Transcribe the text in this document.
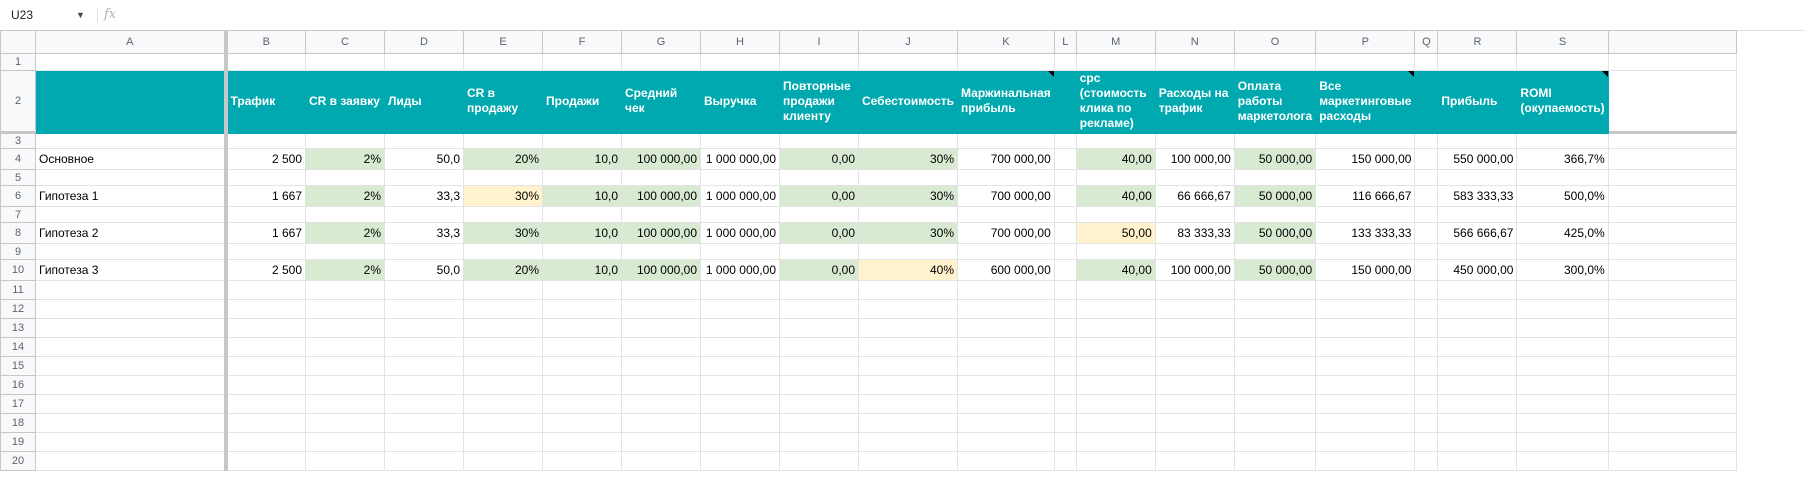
U23	▼ fx
	A	B	C	D	E	F	G	H	I	J	K	L	M	N	O	P	Q	R	S	
1																				
2		Трафик	CR в заявку	Лиды	CR в продажу	Продажи	Средний чек	Выручка	Повторные продажи клиенту	Себестоимость	Маржинальная прибыль		cpc (стоимость клика по рекламе)	Расходы на трафик	Оплата работы маркетолога	Все маркетинговые расходы		Прибыль	ROMI (окупаемость)

3																				
4	Основное	2 500	2%	50,0	20%	10,0	100 000,00	1 000 000,00	0,00	30%	700 000,00		40,00	100 000,00	50 000,00	150 000,00		550 000,00	366,7%	
5																				
6	Гипотеза 1	1 667	2%	33,3	30%	10,0	100 000,00	1 000 000,00	0,00	30%	700 000,00		40,00	66 666,67	50 000,00	116 666,67		583 333,33	500,0%	
7																				
8	Гипотеза 2	1 667	2%	33,3	30%	10,0	100 000,00	1 000 000,00	0,00	30%	700 000,00		50,00	83 333,33	50 000,00	133 333,33		566 666,67	425,0%	
9																				
10	Гипотеза 3	2 500	2%	50,0	20%	10,0	100 000,00	1 000 000,00	0,00	40%	600 000,00		40,00	100 000,00	50 000,00	150 000,00		450 000,00	300,0%	
11																				
12																				
13																				
14																				
15																				
16																				
17																				
18																				
19																				
20																				
